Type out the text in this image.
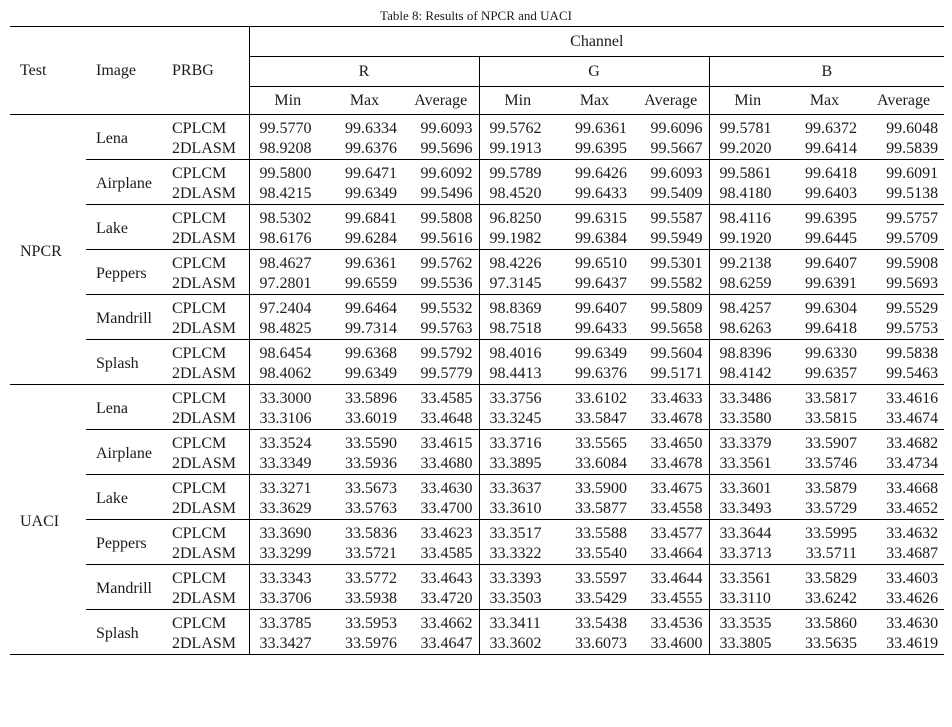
Table 8: Results of NPCR and UACI
Test	Image	PRBG	Channel								
			R			G			B		
			Min	Max	Average	Min	Max	Average	Min	Max	Average
NPCR	Lena	CPLCM	99.5770	99.6334	99.6093	99.5762	99.6361	99.6096	99.5781	99.6372	99.6048
		2DLASM	98.9208	99.6376	99.5696	99.1913	99.6395	99.5667	99.2020	99.6414	99.5839
	Airplane	CPLCM	99.5800	99.6471	99.6092	99.5789	99.6426	99.6093	99.5861	99.6418	99.6091
		2DLASM	98.4215	99.6349	99.5496	98.4520	99.6433	99.5409	98.4180	99.6403	99.5138
	Lake	CPLCM	98.5302	99.6841	99.5808	96.8250	99.6315	99.5587	98.4116	99.6395	99.5757
		2DLASM	98.6176	99.6284	99.5616	99.1982	99.6384	99.5949	99.1920	99.6445	99.5709
	Peppers	CPLCM	98.4627	99.6361	99.5762	98.4226	99.6510	99.5301	99.2138	99.6407	99.5908
		2DLASM	97.2801	99.6559	99.5536	97.3145	99.6437	99.5582	98.6259	99.6391	99.5693
	Mandrill	CPLCM	97.2404	99.6464	99.5532	98.8369	99.6407	99.5809	98.4257	99.6304	99.5529
		2DLASM	98.4825	99.7314	99.5763	98.7518	99.6433	99.5658	98.6263	99.6418	99.5753
	Splash	CPLCM	98.6454	99.6368	99.5792	98.4016	99.6349	99.5604	98.8396	99.6330	99.5838
		2DLASM	98.4062	99.6349	99.5779	98.4413	99.6376	99.5171	98.4142	99.6357	99.5463
UACI	Lena	CPLCM	33.3000	33.5896	33.4585	33.3756	33.6102	33.4633	33.3486	33.5817	33.4616
		2DLASM	33.3106	33.6019	33.4648	33.3245	33.5847	33.4678	33.3580	33.5815	33.4674
	Airplane	CPLCM	33.3524	33.5590	33.4615	33.3716	33.5565	33.4650	33.3379	33.5907	33.4682
		2DLASM	33.3349	33.5936	33.4680	33.3895	33.6084	33.4678	33.3561	33.5746	33.4734
	Lake	CPLCM	33.3271	33.5673	33.4630	33.3637	33.5900	33.4675	33.3601	33.5879	33.4668
		2DLASM	33.3629	33.5763	33.4700	33.3610	33.5877	33.4558	33.3493	33.5729	33.4652
	Peppers	CPLCM	33.3690	33.5836	33.4623	33.3517	33.5588	33.4577	33.3644	33.5995	33.4632
		2DLASM	33.3299	33.5721	33.4585	33.3322	33.5540	33.4664	33.3713	33.5711	33.4687
	Mandrill	CPLCM	33.3343	33.5772	33.4643	33.3393	33.5597	33.4644	33.3561	33.5829	33.4603
		2DLASM	33.3706	33.5938	33.4720	33.3503	33.5429	33.4555	33.3110	33.6242	33.4626
	Splash	CPLCM	33.3785	33.5953	33.4662	33.3411	33.5438	33.4536	33.3535	33.5860	33.4630
		2DLASM	33.3427	33.5976	33.4647	33.3602	33.6073	33.4600	33.3805	33.5635	33.4619
